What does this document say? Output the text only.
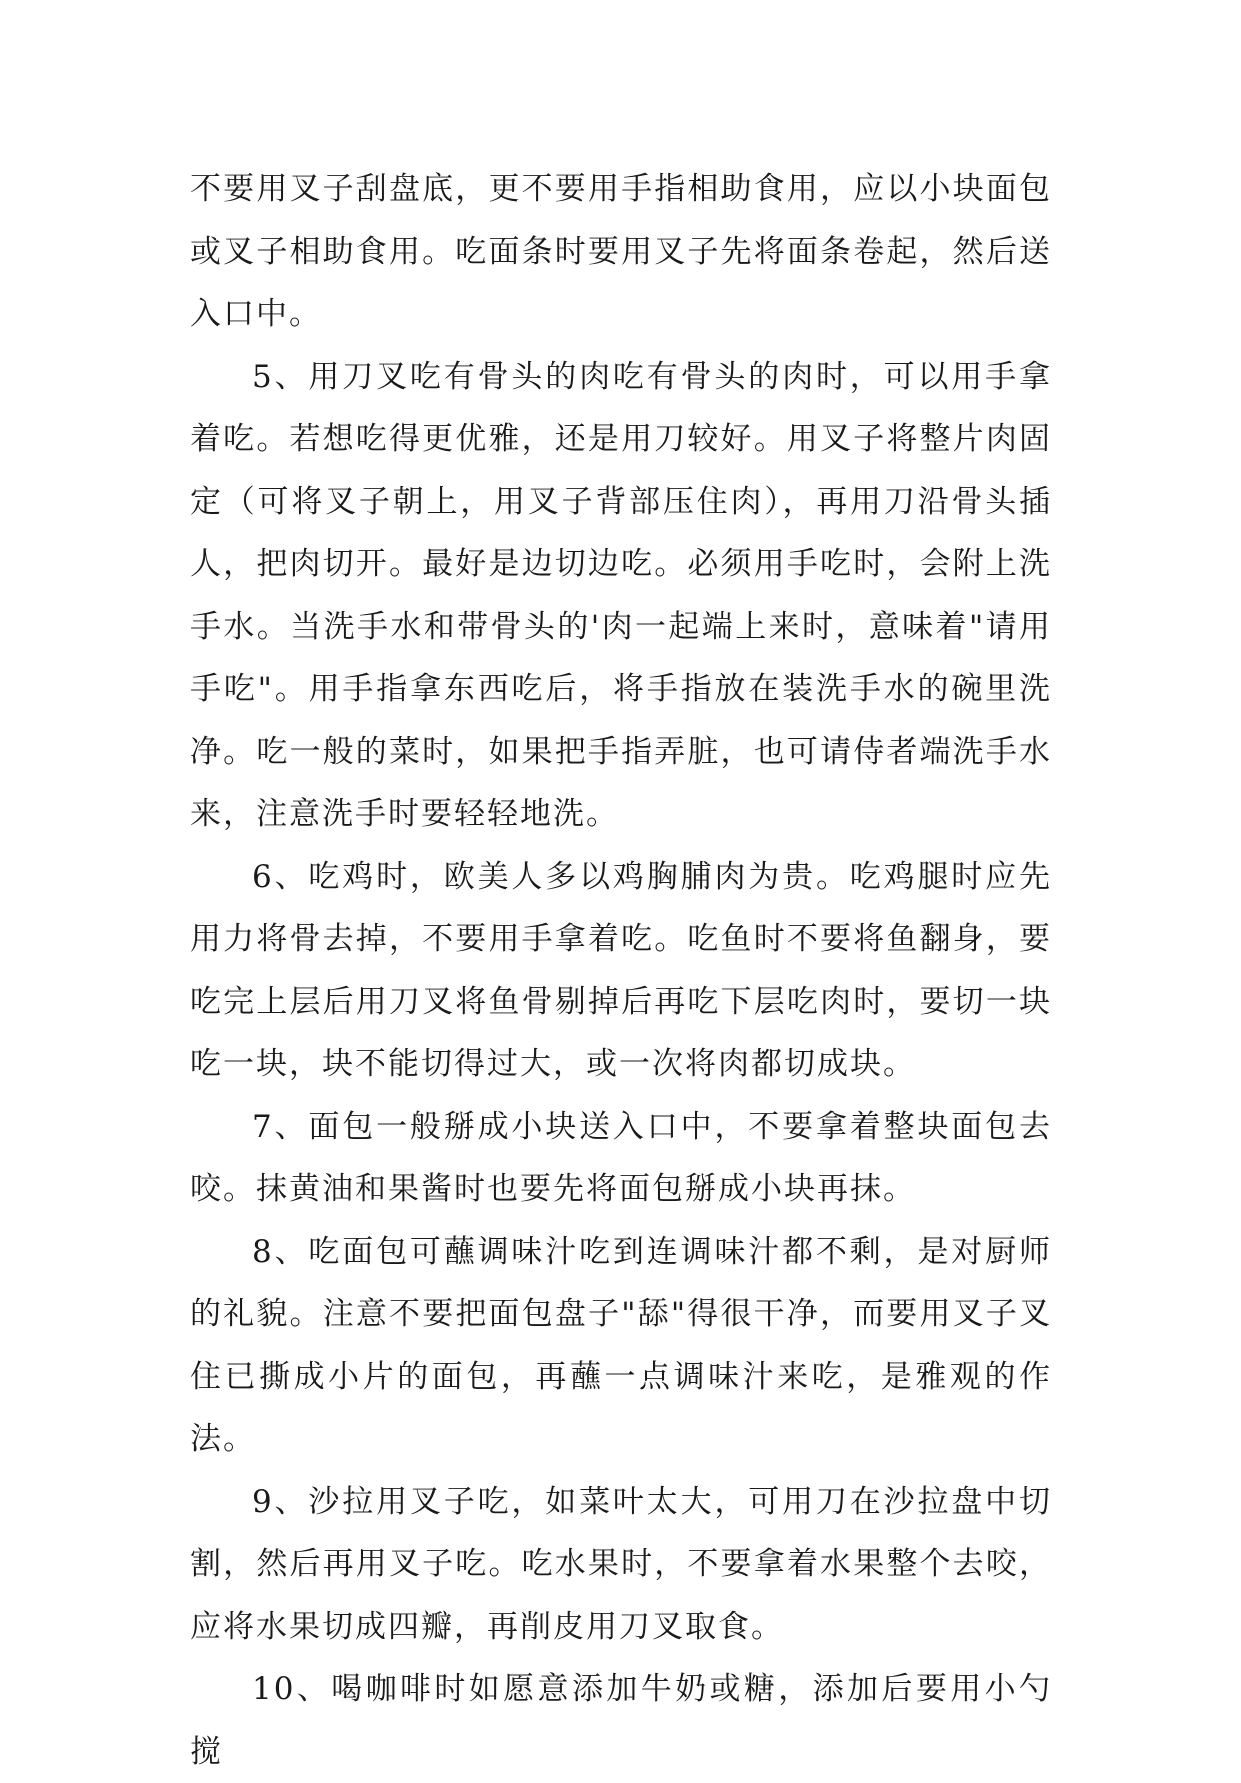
不要用叉子刮盘底，更不要用手指相助食用，应以小块面包或叉子相助食用。吃面条时要用叉子先将面条卷起，然后送入口中。

5、用刀叉吃有骨头的肉吃有骨头的肉时，可以用手拿着吃。若想吃得更优雅，还是用刀较好。用叉子将整片肉固定（可将叉子朝上，用叉子背部压住肉），再用刀沿骨头插人，把肉切开。最好是边切边吃。必须用手吃时，会附上洗手水。当洗手水和带骨头的'肉一起端上来时，意味着"请用手吃"。用手指拿东西吃后，将手指放在装洗手水的碗里洗净。吃一般的菜时，如果把手指弄脏，也可请侍者端洗手水来，注意洗手时要轻轻地洗。

6、吃鸡时，欧美人多以鸡胸脯肉为贵。吃鸡腿时应先用力将骨去掉，不要用手拿着吃。吃鱼时不要将鱼翻身，要吃完上层后用刀叉将鱼骨剔掉后再吃下层吃肉时，要切一块吃一块，块不能切得过大，或一次将肉都切成块。

7、面包一般掰成小块送入口中，不要拿着整块面包去咬。抹黄油和果酱时也要先将面包掰成小块再抹。

8、吃面包可蘸调味汁吃到连调味汁都不剩，是对厨师的礼貌。注意不要把面包盘子"舔"得很干净，而要用叉子叉住已撕成小片的面包，再蘸一点调味汁来吃，是雅观的作法。

9、沙拉用叉子吃，如菜叶太大，可用刀在沙拉盘中切割，然后再用叉子吃。吃水果时，不要拿着水果整个去咬，应将水果切成四瓣，再削皮用刀叉取食。

10、喝咖啡时如愿意添加牛奶或糖，添加后要用小勺搅
